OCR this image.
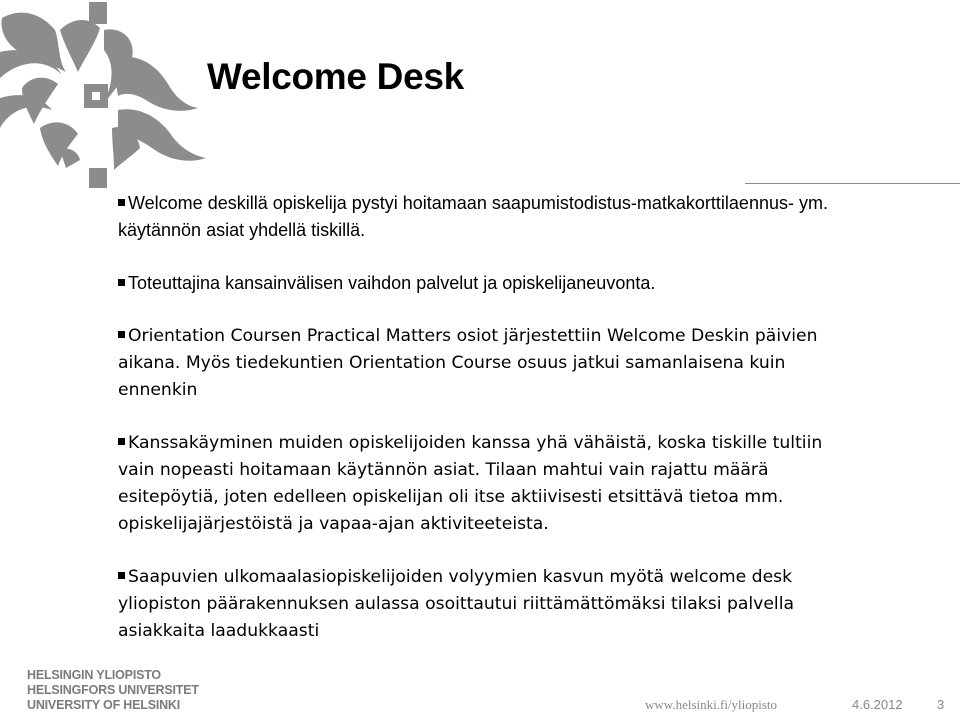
Welcome Desk

Welcome deskillä opiskelija pystyi hoitamaan saapumistodistus-matkakorttilaennus- ym. käytännön asiat yhdellä tiskillä.

Toteuttajina kansainvälisen vaihdon palvelut ja opiskelijaneuvonta.

Orientation Coursen Practical Matters osiot järjestettiin Welcome Deskin päivien aikana. Myös tiedekuntien Orientation Course osuus jatkui samanlaisena kuin ennenkin

Kanssakäyminen muiden opiskelijoiden kanssa yhä vähäistä, koska tiskille tultiin vain nopeasti hoitamaan käytännön asiat. Tilaan mahtui vain rajattu määrä esitepöytiä, joten edelleen opiskelijan oli itse aktiivisesti etsittävä tietoa mm. opiskelijajärjestöistä ja vapaa-ajan aktiviteeteista.

Saapuvien ulkomaalasiopiskelijoiden volyymien kasvun myötä welcome desk yliopiston päärakennuksen aulassa osoittautui riittämättömäksi tilaksi palvella asiakkaita laadukkaasti

HELSINGIN YLIOPISTO
HELSINGFORS UNIVERSITET
UNIVERSITY OF HELSINKI	www.helsinki.fi/yliopisto	4.6.2012	3
